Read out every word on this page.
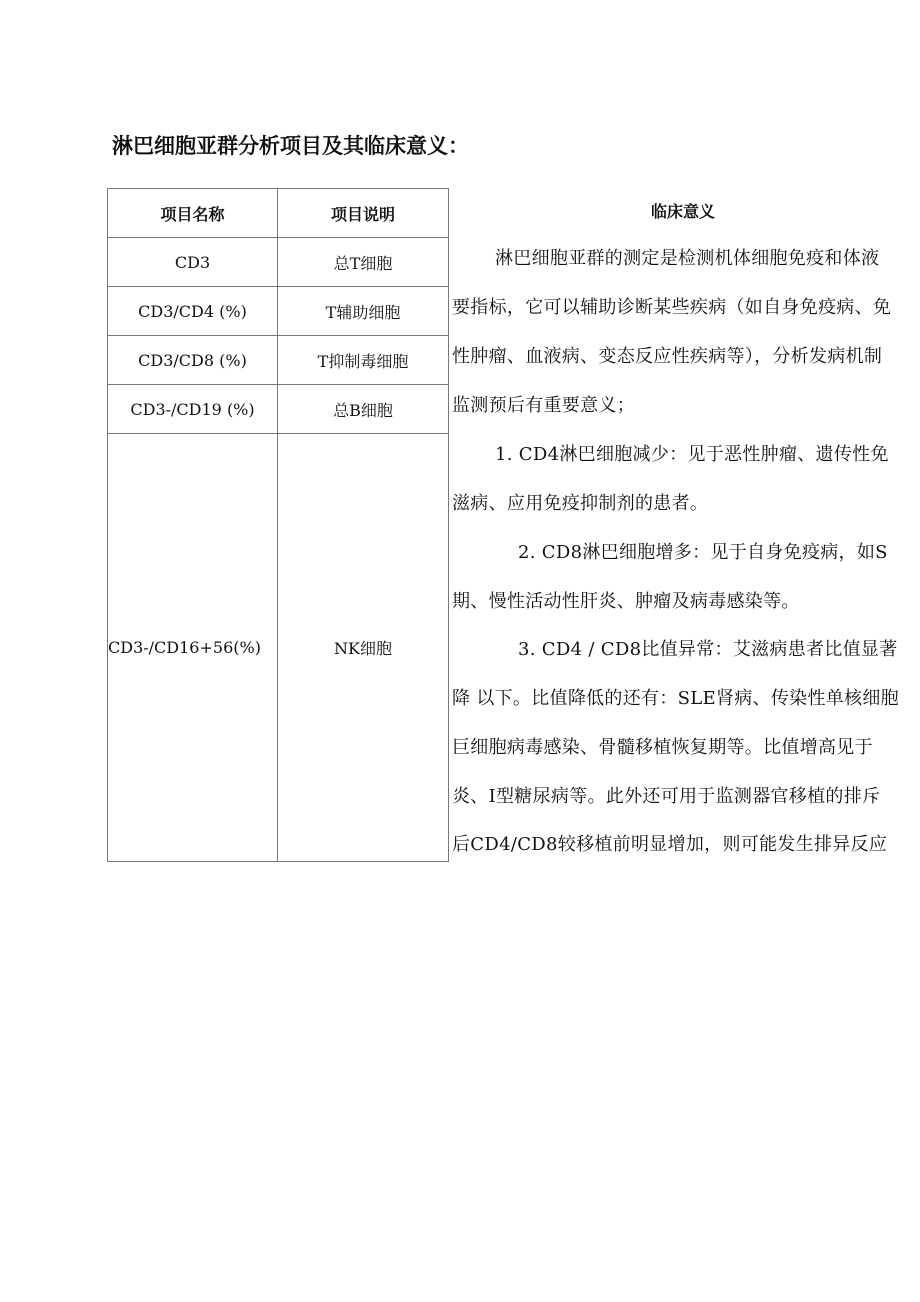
淋巴细胞亚群分析项目及其临床意义：
项目名称	项目说明
CD3	总T细胞
CD3/CD4 (%)	T辅助细胞
CD3/CD8 (%)	T抑制毒细胞
CD3-/CD19 (%)	总B细胞
CD3-/CD16+56(%)	NK细胞
临床意义
淋巴细胞亚群的测定是检测机体细胞免疫和体液
要指标，它可以辅助诊断某些疾病（如自身免疫病、免
性肿瘤、血液病、变态反应性疾病等），分析发病机制
监测预后有重要意义；
1. CD4淋巴细胞减少：见于恶性肿瘤、遗传性免
滋病、应用免疫抑制剂的患者。
2. CD8淋巴细胞增多：见于自身免疫病，如S
期、慢性活动性肝炎、肿瘤及病毒感染等。
3. CD4 / CD8比值异常：艾滋病患者比值显著
降 以下。比值降低的还有：SLE肾病、传染性单核细胞
巨细胞病毒感染、骨髓移植恢复期等。比值增高见于
炎、I型糖尿病等。此外还可用于监测器官移植的排斥
后CD4/CD8较移植前明显增加，则可能发生排异反应
